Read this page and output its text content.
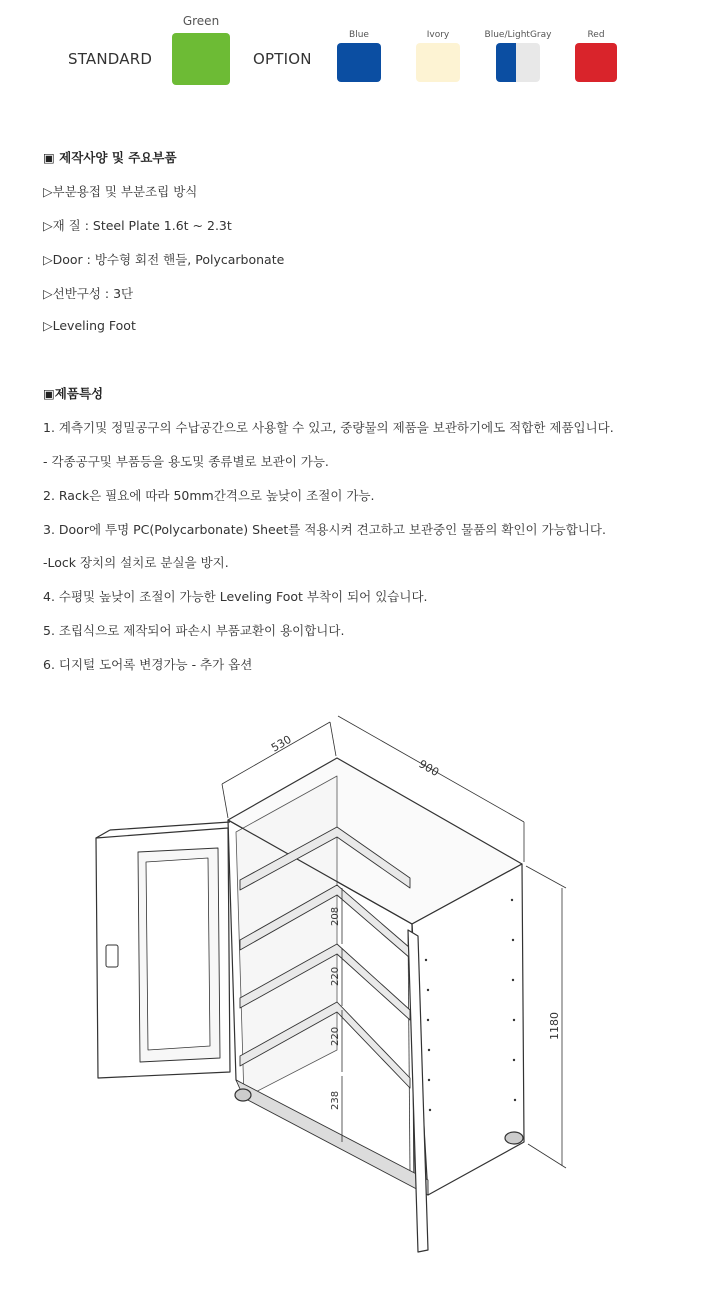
STANDARD
Green
OPTION
Blue	Ivory	Blue/LightGray	Red
▣ 제작사양 및 주요부품
▷부분용접 및 부분조립 방식
▷재 질 : Steel Plate 1.6t ~ 2.3t
▷Door : 방수형 회전 핸들, Polycarbonate
▷선반구성 : 3단
▷Leveling Foot
▣제품특성
1. 계측기및 정밀공구의 수납공간으로 사용할 수 있고, 중량물의 제품을 보관하기에도 적합한 제품입니다.
- 각종공구및 부품등을 용도및 종류별로 보관이 가능.
2. Rack은 필요에 따라 50mm간격으로 높낮이 조절이 가능.
3. Door에 투명 PC(Polycarbonate) Sheet를 적용시켜 견고하고 보관중인 물품의 확인이 가능합니다.
-Lock 장치의 설치로 분실을 방지.
4. 수평및 높낮이 조절이 가능한 Leveling Foot 부착이 되어 있습니다.
5. 조립식으로 제작되어 파손시 부품교환이 용이합니다.
6. 디지털 도어록 변경가능 - 추가 옵션
530
900
1180
208
220
220
238
